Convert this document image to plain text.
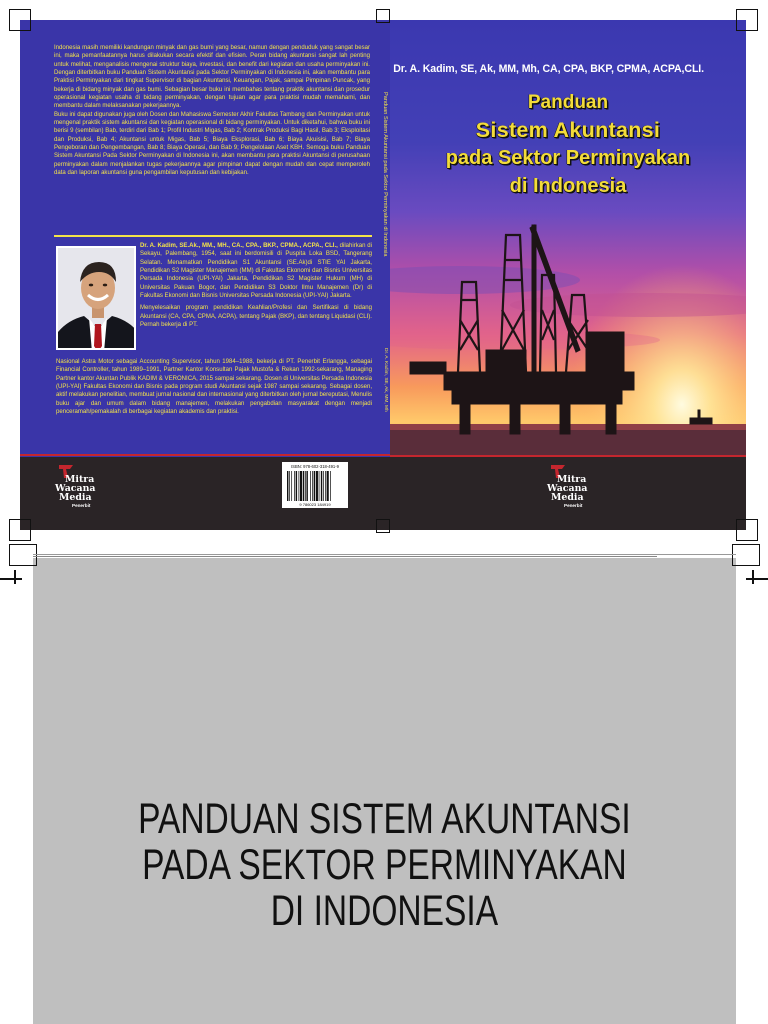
Indonesia masih memiliki kandungan minyak dan gas bumi yang besar, namun dengan penduduk yang sangat besar ini, maka pemanfaatannya harus dilakukan secara efektif dan efisien. Peran bidang akuntansi sangat lah penting untuk melihat, menganalisis mengenai struktur biaya, investasi, dan benefit dari kegiatan dan usaha perminyakan ini. Dengan diterbitkan buku Panduan Sistem Akuntansi pada Sektor Perminyakan di Indonesia ini, akan membantu para Praktisi Perminyakan dari tingkat Supervisor di bagian Akuntansi, Keuangan, Pajak, sampai Pimpinan Puncak, yang bekerja di bidang minyak dan gas bumi. Sebagian besar buku ini membahas tentang praktik akuntansi dan prosedur operasional kegiatan usaha di bidang perminyakan, dengan tujuan agar para praktisi mudah memahami, dan membantu dalam melaksanakan pekerjaannya.

Buku ini dapat digunakan juga oleh Dosen dan Mahasiswa Semester Akhir Fakultas Tambang dan Perminyakan untuk mengenal praktik sistem akuntansi dan kegiatan operasional di bidang perminyakan. Untuk diketahui, bahwa buku ini berisi 9 (sembilan) Bab, terdiri dari Bab 1; Profil Industri Migas, Bab 2; Kontrak Produksi Bagi Hasil, Bab 3; Eksploitasi dan Produksi, Bab 4; Akuntansi untuk Migas, Bab 5; Biaya Eksplorasi, Bab 6; Biaya Akuisisi, Bab 7; Biaya Pengeboran dan Pengembangan, Bab 8; Biaya Operasi, dan Bab 9; Pengelolaan Aset KBH. Semoga buku Panduan Sistem Akuntansi Pada Sektor Perminyakan di Indonesia ini, akan membantu para praktisi Akuntansi di perusahaan perminyakan dalam menjalankan tugas pekerjaannya agar pimpinan dapat dengan mudah dan cepat memperoleh data dan laporan akuntansi guna pengambilan keputusan dan kebijakan.

Dr. A. Kadim, SE.Ak., MM., MH., CA., CPA., BKP., CPMA., ACPA., CLI., dilahirkan di Sekayu, Palembang, 1954, saat ini berdomisili di Puspita Loka BSD, Tangerang Selatan. Menamatkan Pendidikan S1 Akuntansi (SE.Ak)di STIE YAI Jakarta, Pendidikan S2 Magister Manajemen (MM) di Fakultas Ekonomi dan Bisnis Universitas Persada Indonesia (UPI-YAI) Jakarta, Pendidikan S2 Magister Hukum (MH) di Universitas Pakuan Bogor, dan Pendidikan S3 Doktor Ilmu Manajemen (Dr) di Fakultas Ekonomi dan Bisnis Universitas Persada Indonesia (UPI-YAI) Jakarta.

Menyelesaikan program pendidikan Keahlian/Profesi dan Sertifikasi di bidang Akuntansi (CA, CPA, CPMA, ACPA), tentang Pajak (BKP), dan tentang Liquidasi (CLI). Pernah bekerja di PT.

Nasional Astra Motor sebagai Accounting Supervisor, tahun 1984–1988, bekerja di PT. Penerbit Erlangga, sebagai Financial Controller, tahun 1989–1991, Partner Kantor Konsultan Pajak Mustofa & Rekan 1992-sekarang, Managing Partner kantor Akuntan Publik KADIM & VERONICA, 2015 sampai sekarang. Dosen di Universitas Persada Indonesia (UPI-YAI) Fakultas Ekonomi dan Bisnis pada program studi Akuntansi sejak 1987 sampai sekarang. Sebagai dosen, aktif melakukan penelitian, membuat jurnal nasional dan internasional yang diterbitkan oleh jurnal bereputasi, Menulis buku ajar dan umum dalam bidang manajemen, melakukan pengabdian masyarakat dengan menjadi penceramah/pemakalah di berbagai kegiatan akademis dan praktisi.
Mitra
Wacana
Media
Penerbit
ISBN: 978-602-318-491-9
9 786023 184919
Dr. A. Kadim, SE, Ak, MM, Mh, CA, CPA, BKP, CPMA, ACPA,CLI.
Panduan
Sistem Akuntansi
pada Sektor Perminyakan
di Indonesia
Mitra
Wacana
Media
Penerbit
Panduan Sistem Akuntansi pada Sektor Perminyakan di Indonesia
Dr. A. Kadim, SE, Ak, MM, Mh
PANDUAN SISTEM AKUNTANSI
PADA SEKTOR PERMINYAKAN
DI INDONESIA
